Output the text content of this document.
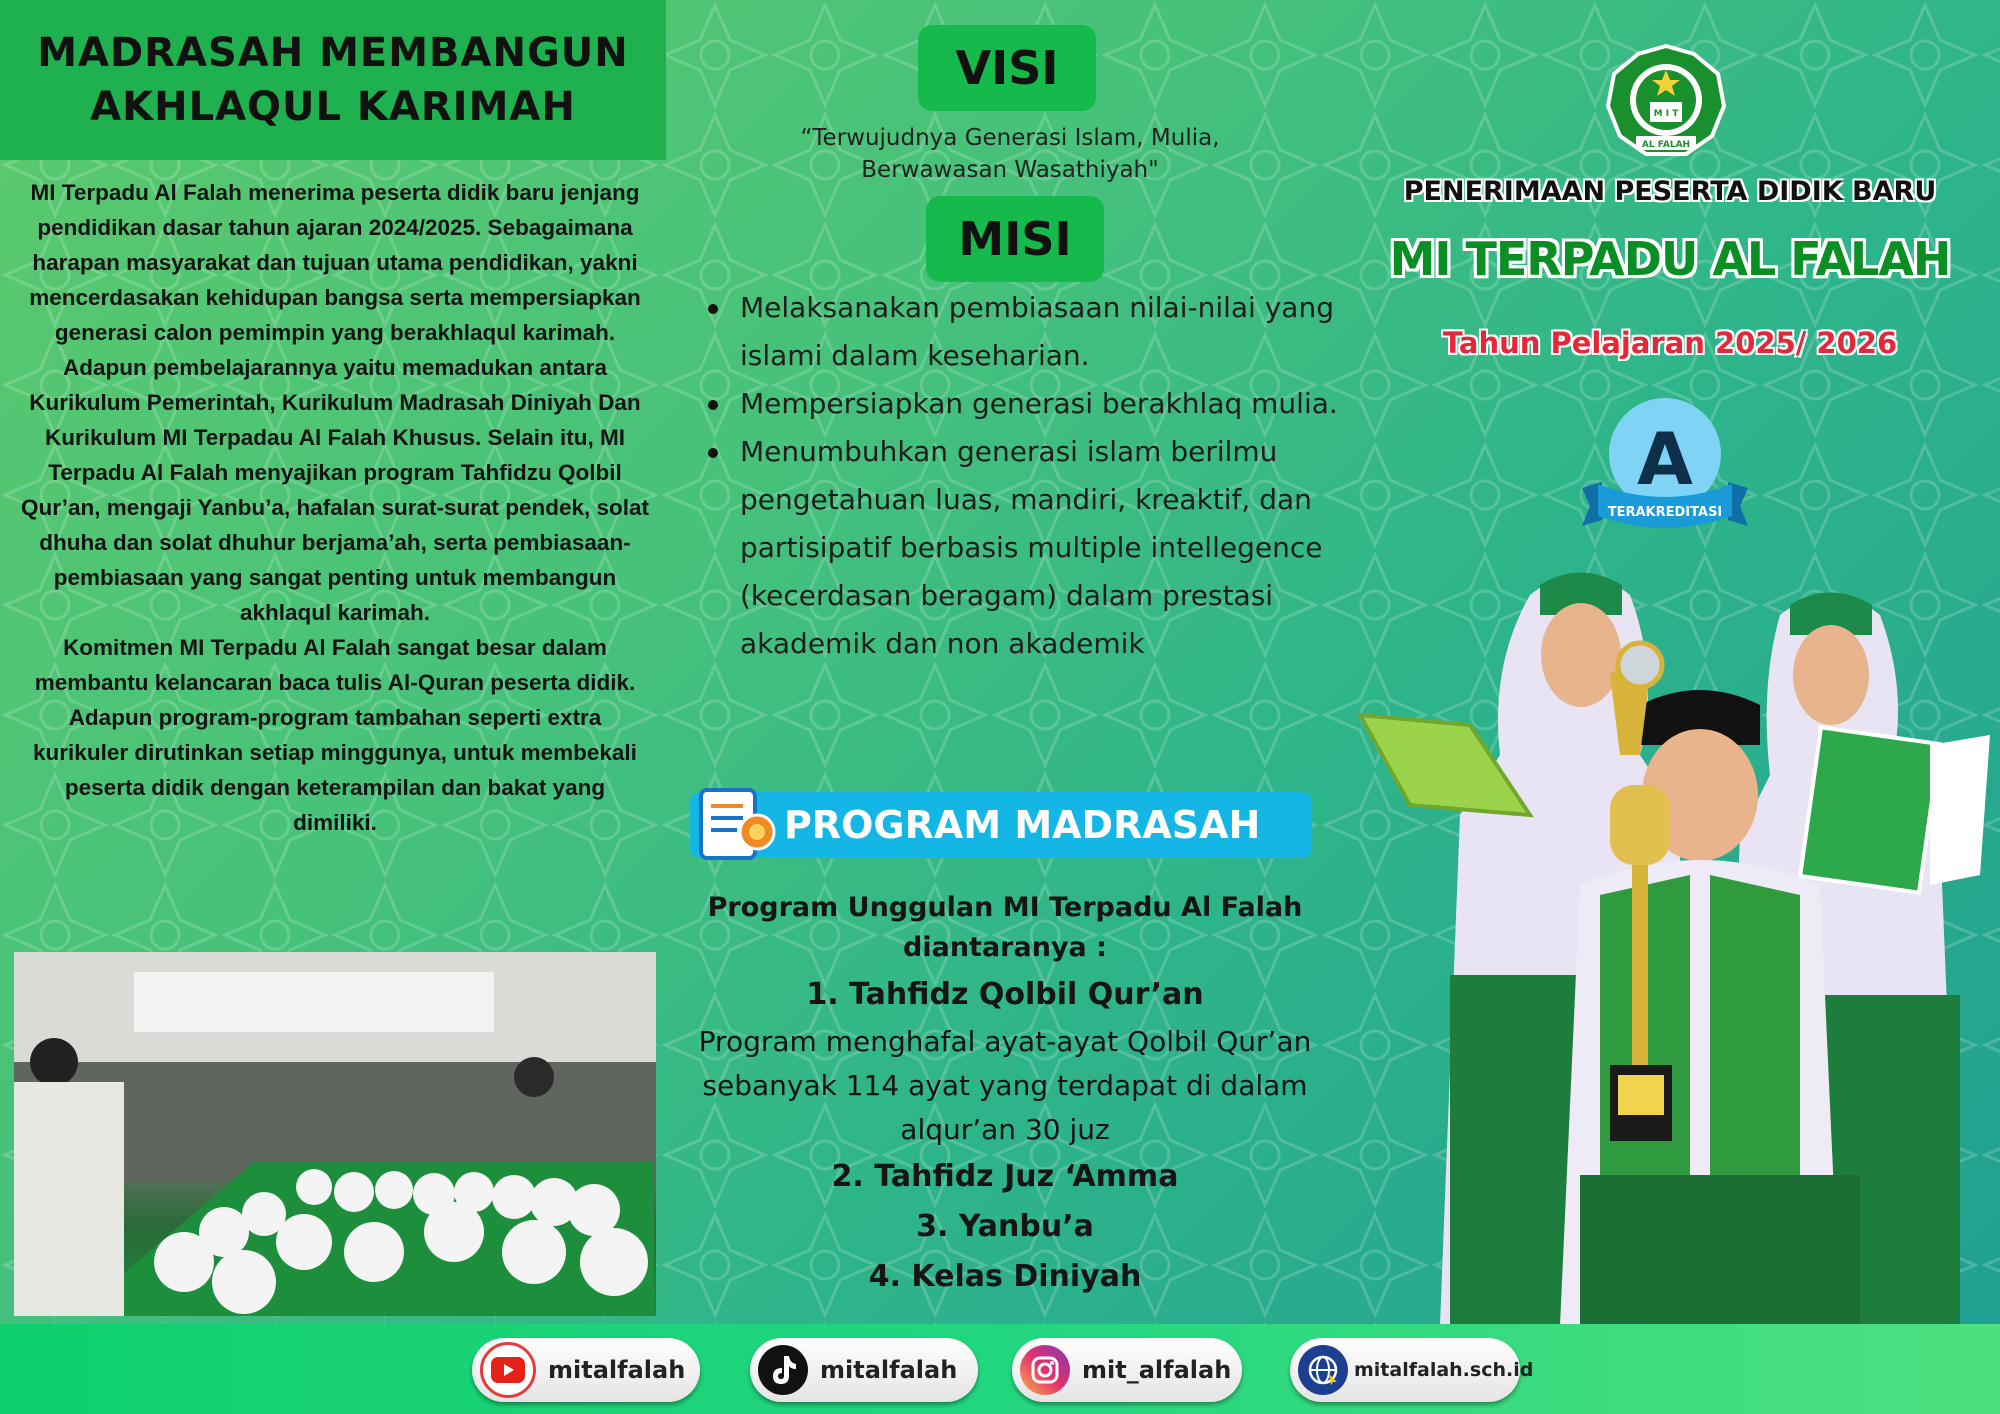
MADRASAH MEMBANGUN
AKHLAQUL KARIMAH

MI Terpadu Al Falah menerima peserta didik baru jenjang pendidikan dasar tahun ajaran 2024/2025. Sebagaimana harapan masyarakat dan tujuan utama pendidikan, yakni mencerdasakan kehidupan bangsa serta mempersiapkan generasi calon pemimpin yang berakhlaqul karimah.

Adapun pembelajarannya yaitu memadukan antara Kurikulum Pemerintah, Kurikulum Madrasah Diniyah Dan Kurikulum MI Terpadau Al Falah Khusus. Selain itu, MI Terpadu Al Falah menyajikan program Tahfidzu Qolbil Qur’an, mengaji Yanbu’a, hafalan surat-surat pendek, solat dhuha dan solat dhuhur berjama’ah, serta pembiasaan-pembiasaan yang sangat penting untuk membangun akhlaqul karimah.

Komitmen MI Terpadu Al Falah sangat besar dalam membantu kelancaran baca tulis Al-Quran peserta didik.

Adapun program-program tambahan seperti extra kurikuler dirutinkan setiap minggunya, untuk membekali peserta didik dengan keterampilan dan bakat yang dimiliki.

VISI
“Terwujudnya Generasi Islam, Mulia,
Berwawasan Wasathiyah"
MISI
Melaksanakan pembiasaan nilai-nilai yang islami dalam keseharian.
Mempersiapkan generasi berakhlaq mulia.
Menumbuhkan generasi islam berilmu pengetahuan luas, mandiri, kreaktif, dan partisipatif berbasis multiple intellegence (kecerdasan beragam) dalam prestasi akademik dan non akademik
PROGRAM MADRASAH
Program Unggulan MI Terpadu Al Falah diantaranya :
1. Tahfidz Qolbil Qur’an
Program menghafal ayat-ayat Qolbil Qur’an sebanyak 114 ayat yang terdapat di dalam alqur’an 30 juz
2. Tahfidz Juz ‘Amma
3. Yanbu’a
4. Kelas Diniyah
M I T
AL FALAH
PENERIMAAN PESERTA DIDIK BARU
MI TERPADU AL FALAH
Tahun Pelajaran 2025/ 2026
A
TERAKREDITASI
mitalfalah	mitalfalah	mit_alfalah	mitalfalah.sch.id
